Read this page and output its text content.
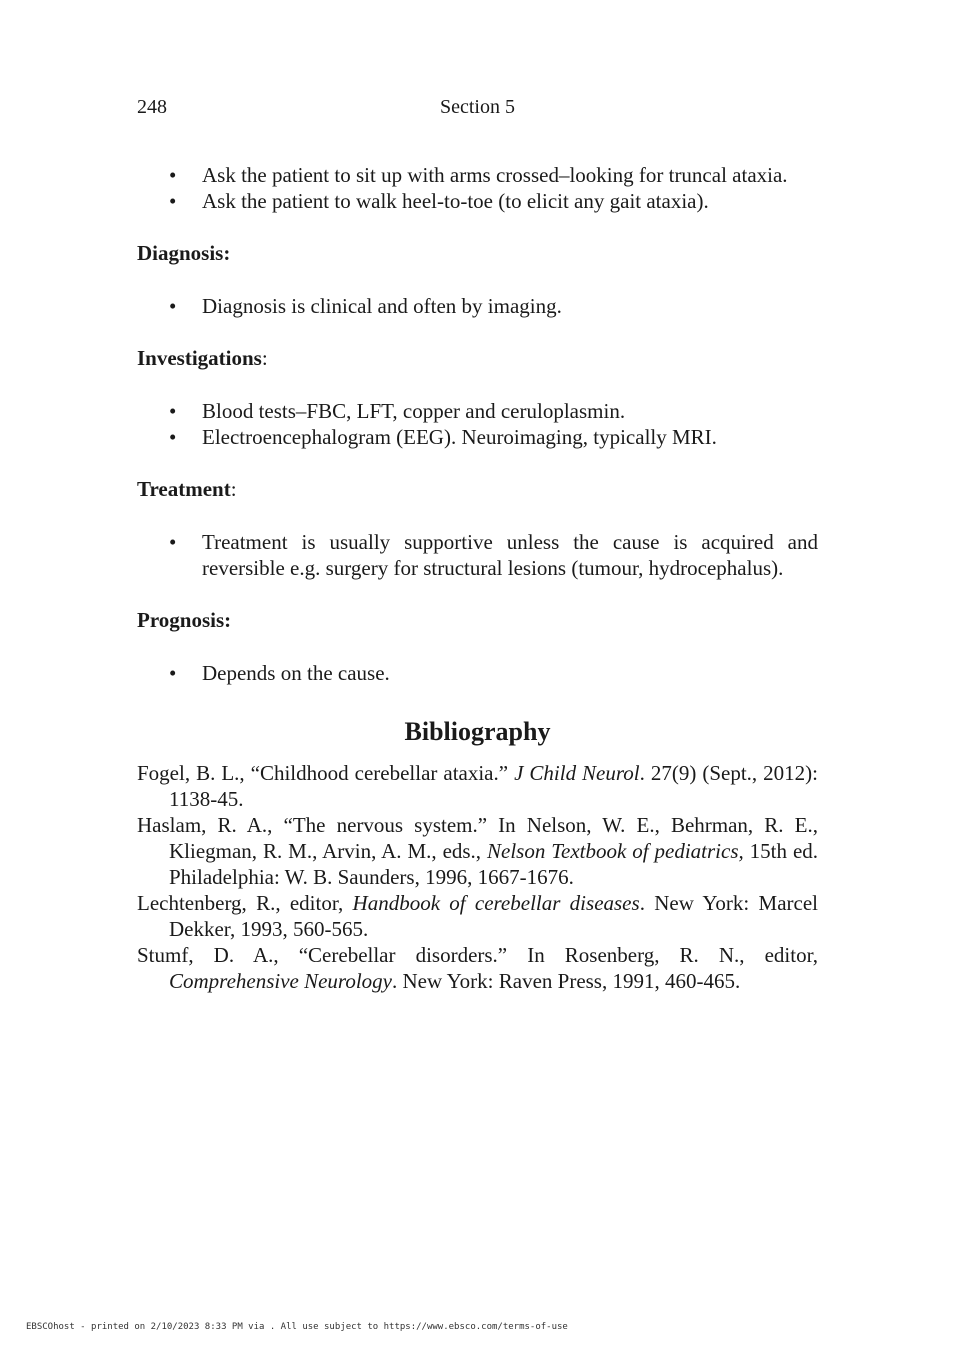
248	Section 5
• Ask the patient to sit up with arms crossed–looking for truncal ataxia.
• Ask the patient to walk heel-to-toe (to elicit any gait ataxia).
Diagnosis:
• Diagnosis is clinical and often by imaging.
Investigations:
• Blood tests–FBC, LFT, copper and ceruloplasmin.
• Electroencephalogram (EEG). Neuroimaging, typically MRI.
Treatment:
• Treatment is usually supportive unless the cause is acquired and reversible e.g. surgery for structural lesions (tumour, hydrocephalus).
Prognosis:
• Depends on the cause.
Bibliography

Fogel, B. L., “Childhood cerebellar ataxia.” J Child Neurol. 27(9) (Sept., 2012): 1138-45.

Haslam, R. A., “The nervous system.” In Nelson, W. E., Behrman, R. E., Kliegman, R. M., Arvin, A. M., eds., Nelson Textbook of pediatrics, 15th ed. Philadelphia: W. B. Saunders, 1996, 1667-1676.

Lechtenberg, R., editor, Handbook of cerebellar diseases. New York: Marcel Dekker, 1993, 560-565.

Stumf, D. A., “Cerebellar disorders.” In Rosenberg, R. N., editor, Comprehensive Neurology. New York: Raven Press, 1991, 460-465.

EBSCOhost - printed on 2/10/2023 8:33 PM via . All use subject to https://www.ebsco.com/terms-of-use
